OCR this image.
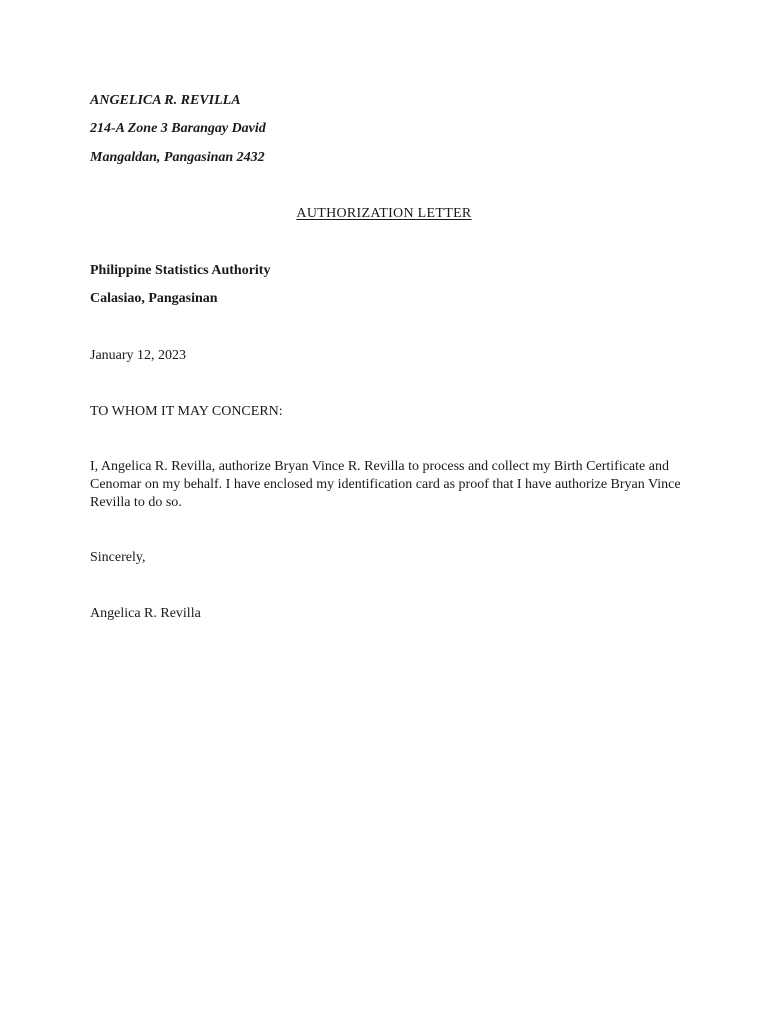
ANGELICA R. REVILLA
214-A Zone 3 Barangay David
Mangaldan, Pangasinan 2432
AUTHORIZATION LETTER
Philippine Statistics Authority
Calasiao, Pangasinan
January 12, 2023
TO WHOM IT MAY CONCERN:
I, Angelica R. Revilla, authorize Bryan Vince R. Revilla to process and collect my Birth Certificate and Cenomar on my behalf. I have enclosed my identification card as proof that I have authorize Bryan Vince Revilla to do so.
Sincerely,
Angelica R. Revilla
